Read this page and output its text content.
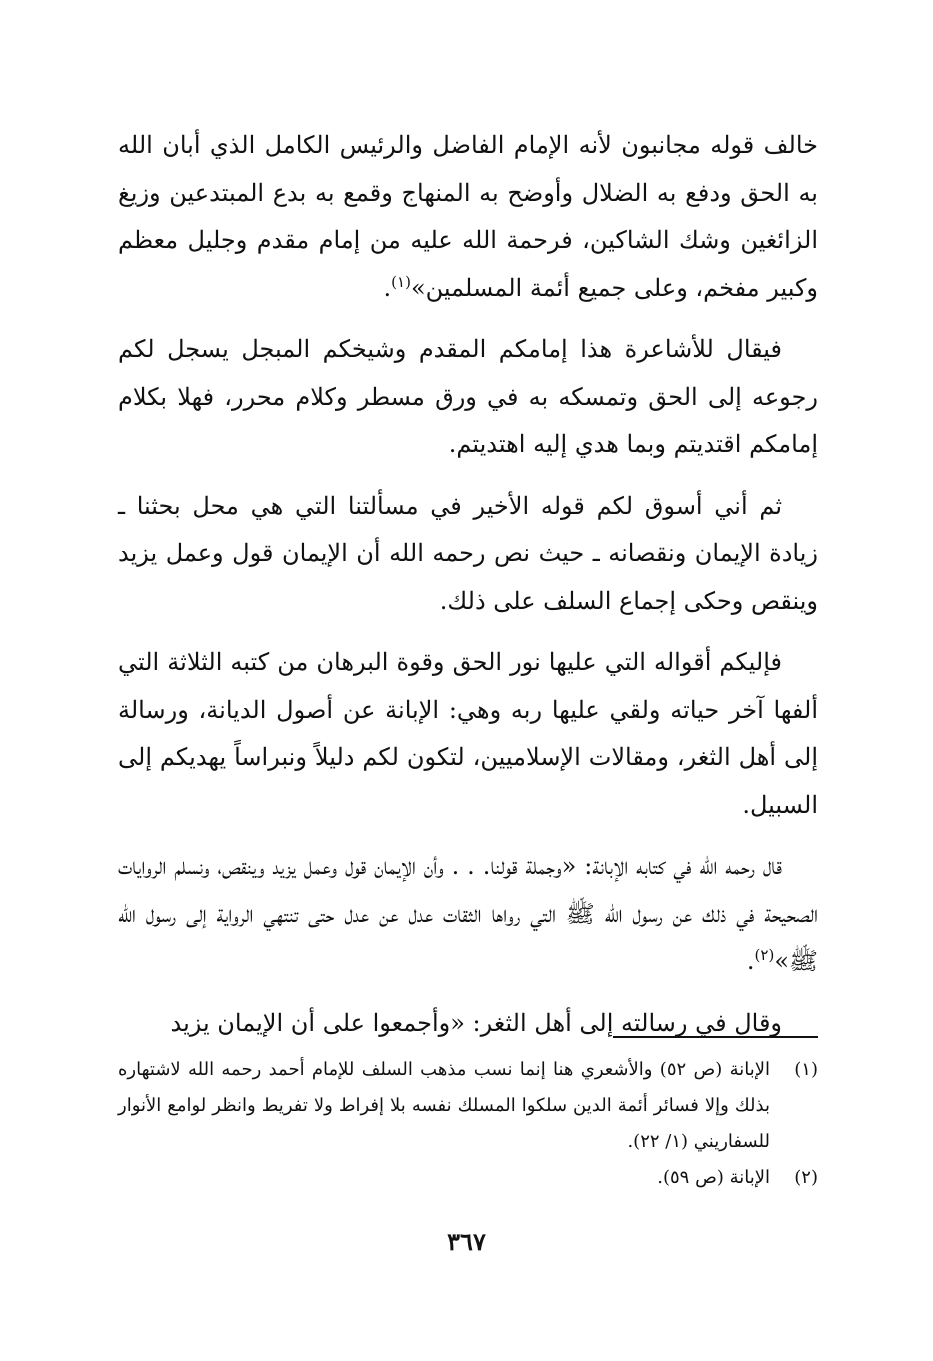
خالف قوله مجانبون لأنه الإمام الفاضل والرئيس الكامل الذي أبان الله به الحق ودفع به الضلال وأوضح به المنهاج وقمع به بدع المبتدعين وزيغ الزائغين وشك الشاكين، فرحمة الله عليه من إمام مقدم وجليل معظم وكبير مفخم، وعلى جميع أئمة المسلمين»$^{(١)}$.

فيقال للأشاعرة هذا إمامكم المقدم وشيخكم المبجل يسجل لكم رجوعه إلى الحق وتمسكه به في ورق مسطر وكلام محرر، فهلا بكلام إمامكم اقتديتم وبما هدي إليه اهتديتم.

ثم أني أسوق لكم قوله الأخير في مسألتنا التي هي محل بحثنا ـ زيادة الإيمان ونقصانه ـ حيث نص رحمه الله أن الإيمان قول وعمل يزيد وينقص وحكى إجماع السلف على ذلك.

فإليكم أقواله التي عليها نور الحق وقوة البرهان من كتبه الثلاثة التي ألفها آخر حياته ولقي عليها ربه وهي: الإبانة عن أصول الديانة، ورسالة إلى أهل الثغر، ومقالات الإسلاميين، لتكون لكم دليلاً ونبراساً يهديكم إلى السبيل.

قال رحمه الله في كتابه الإبانة: «وجملة قولنا. . . وأن الإيمان قول وعمل يزيد وينقص، ونسلم الروايات الصحيحة في ذلك عن رسول الله ﷺ التي رواها الثقات عدل عن عدل حتى تنتهي الرواية إلى رسول الله ﷺ»$^{(٢)}$.

وقال في رسالته إلى أهل الثغر: «وأجمعوا على أن الإيمان يزيد

(١)
الإبانة (ص ٥٢) والأشعري هنا إنما نسب مذهب السلف للإمام أحمد رحمه الله لاشتهاره بذلك وإلا فسائر أئمة الدين سلكوا المسلك نفسه بلا إفراط ولا تفريط وانظر لوامع الأنوار للسفاريني (١/ ٢٢).
(٢)
الإبانة (ص ٥٩).
٣٦٧
